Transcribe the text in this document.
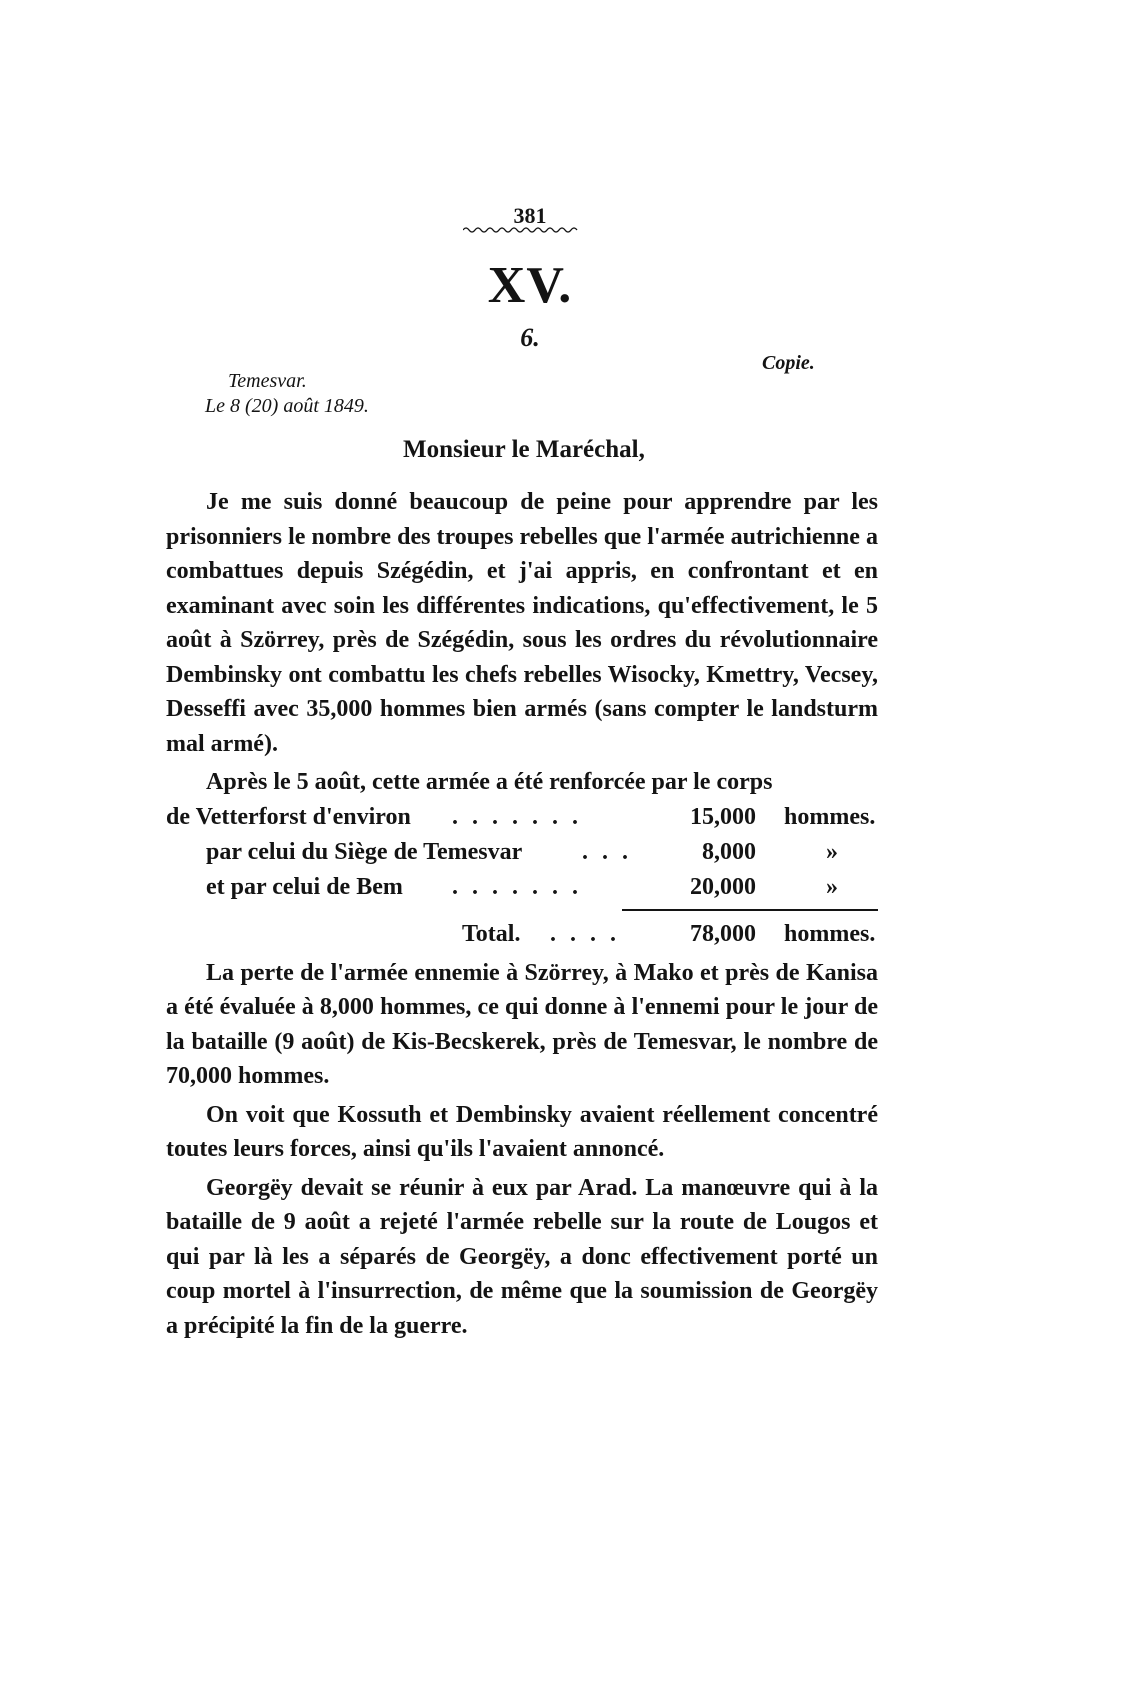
381
XV.
6.
Copie.
Temesvar.
Le 8 (20) août 1849.
Monsieur le Maréchal,

Je me suis donné beaucoup de peine pour apprendre par les prisonniers le nombre des troupes rebelles que l'armée autrichienne a combattues depuis Szégédin, et j'ai appris, en confrontant et en examinant avec soin les différentes indications, qu'effectivement, le 5 août à Szörrey, près de Szégédin, sous les ordres du révolutionnaire Dembinsky ont combattu les chefs rebelles Wisocky, Kmettry, Vecsey, Desseffi avec 35,000 hommes bien armés (sans compter le landsturm mal armé).

Après le 5 août, cette armée a été renforcée par le corps

de Vetterforst d'environ .......	15,000 hommes.
par celui du Siège de Temesvar ...	8,000	»
et par celui de Bem .......	20,000	»
Total. ....	78,000 hommes.

La perte de l'armée ennemie à Szörrey, à Mako et près de Kanisa a été évaluée à 8,000 hommes, ce qui donne à l'ennemi pour le jour de la bataille (9 août) de Kis-Becskerek, près de Temesvar, le nombre de 70,000 hommes.

On voit que Kossuth et Dembinsky avaient réellement concentré toutes leurs forces, ainsi qu'ils l'avaient annoncé.

Georgëy devait se réunir à eux par Arad. La manœuvre qui à la bataille de 9 août a rejeté l'armée rebelle sur la route de Lougos et qui par là les a séparés de Georgëy, a donc effectivement porté un coup mortel à l'insurrection, de même que la soumission de Georgëy a précipité la fin de la guerre.
